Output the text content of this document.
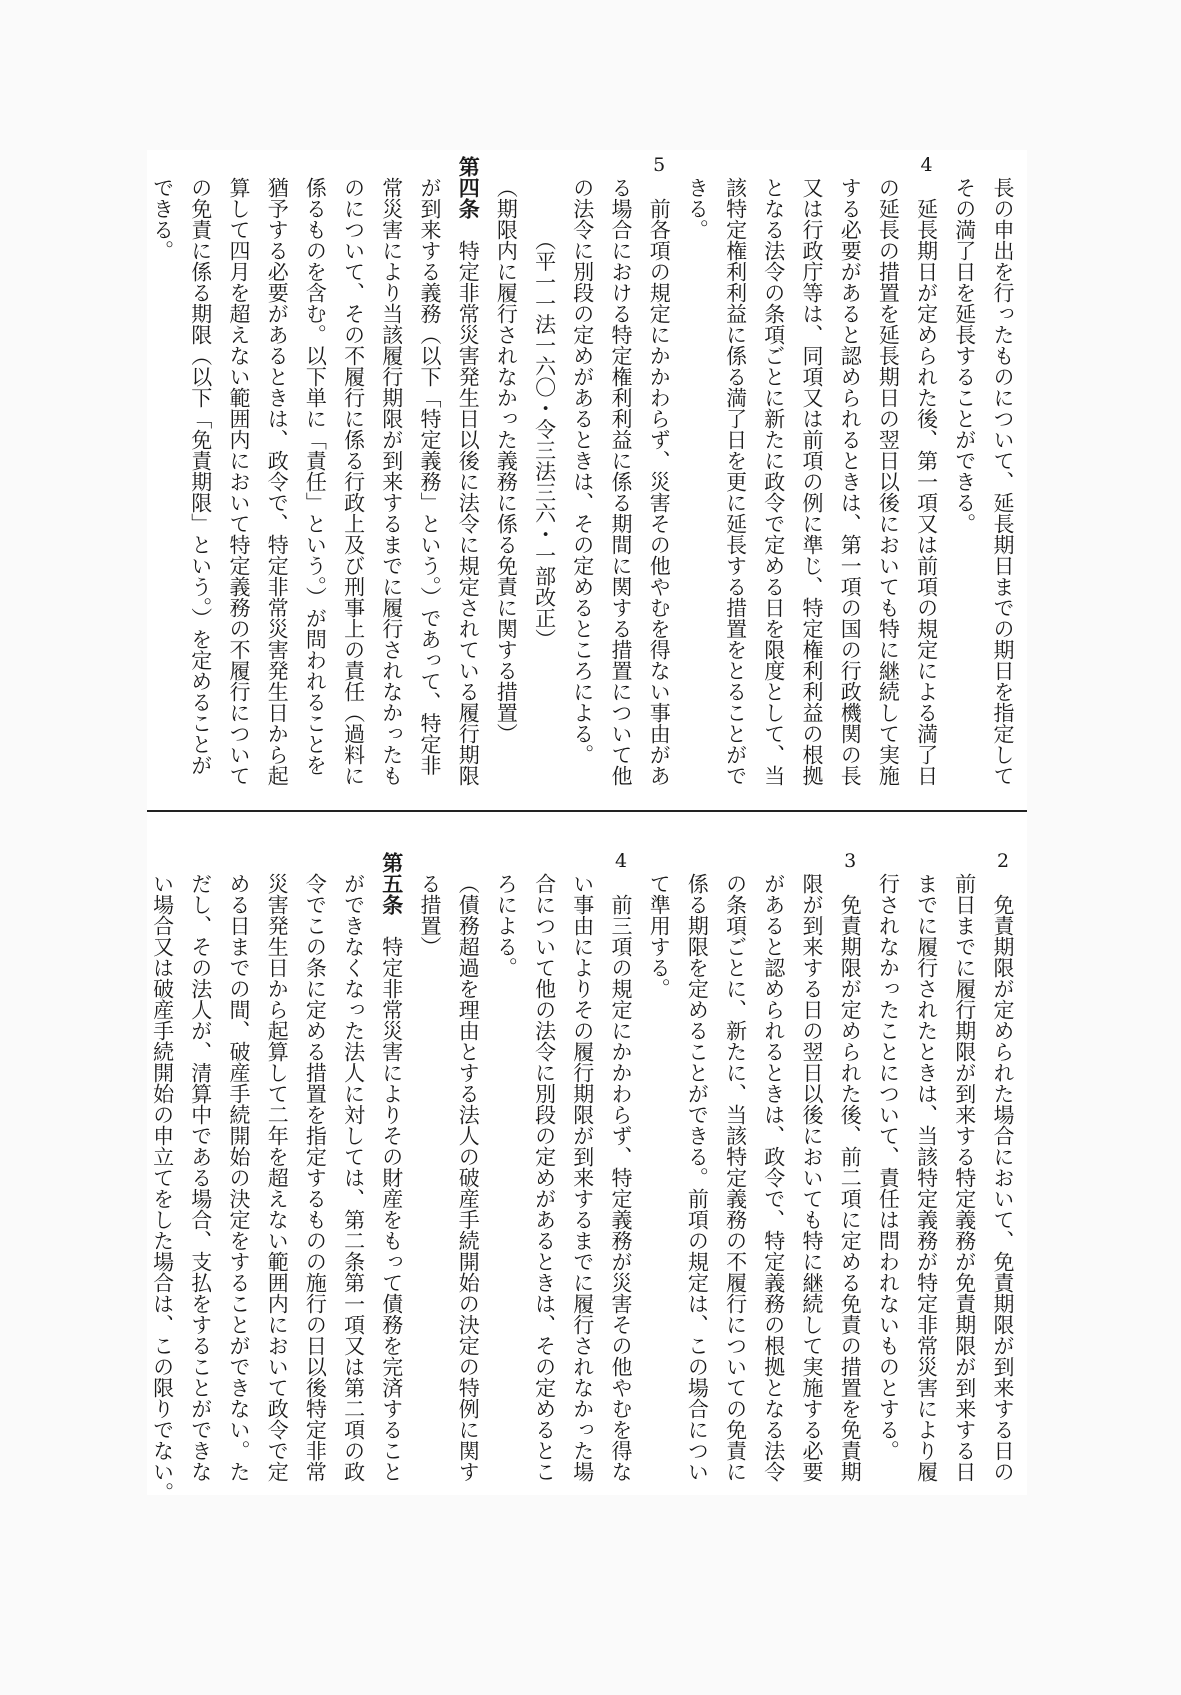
長の申出を行ったものについて、延長期日までの期日を指定して
その満了日を延長することができる。
4
　延長期日が定められた後、第一項又は前項の規定による満了日
の延長の措置を延長期日の翌日以後においても特に継続して実施
する必要があると認められるときは、第一項の国の行政機関の長
又は行政庁等は、同項又は前項の例に準じ、特定権利利益の根拠
となる法令の条項ごとに新たに政令で定める日を限度として、当
該特定権利利益に係る満了日を更に延長する措置をとることがで
きる。
5
　前各項の規定にかかわらず、災害その他やむを得ない事由があ
る場合における特定権利利益に係る期間に関する措置について他
の法令に別段の定めがあるときは、その定めるところによる。
　　　（平一一法一六〇・令三法三六・一部改正）
（期限内に履行されなかった義務に係る免責に関する措置）
第四条　特定非常災害発生日以後に法令に規定されている履行期限
が到来する義務（以下「特定義務」という。）であって、特定非
常災害により当該履行期限が到来するまでに履行されなかったも
のについて、その不履行に係る行政上及び刑事上の責任（過料に
係るものを含む。以下単に「責任」という。）が問われることを
猶予する必要があるときは、政令で、特定非常災害発生日から起
算して四月を超えない範囲内において特定義務の不履行について
の免責に係る期限（以下「免責期限」という。）を定めることが
できる。
2
　免責期限が定められた場合において、免責期限が到来する日の
前日までに履行期限が到来する特定義務が免責期限が到来する日
までに履行されたときは、当該特定義務が特定非常災害により履
行されなかったことについて、責任は問われないものとする。
3
　免責期限が定められた後、前二項に定める免責の措置を免責期
限が到来する日の翌日以後においても特に継続して実施する必要
があると認められるときは、政令で、特定義務の根拠となる法令
の条項ごとに、新たに、当該特定義務の不履行についての免責に
係る期限を定めることができる。前項の規定は、この場合につい
て準用する。
4
　前三項の規定にかかわらず、特定義務が災害その他やむを得な
い事由によりその履行期限が到来するまでに履行されなかった場
合について他の法令に別段の定めがあるときは、その定めるとこ
ろによる。
（債務超過を理由とする法人の破産手続開始の決定の特例に関す
る措置）
第五条　特定非常災害によりその財産をもって債務を完済すること
ができなくなった法人に対しては、第二条第一項又は第二項の政
令でこの条に定める措置を指定するものの施行の日以後特定非常
災害発生日から起算して二年を超えない範囲内において政令で定
める日までの間、破産手続開始の決定をすることができない。た
だし、その法人が、清算中である場合、支払をすることができな
い場合又は破産手続開始の申立てをした場合は、この限りでない。
